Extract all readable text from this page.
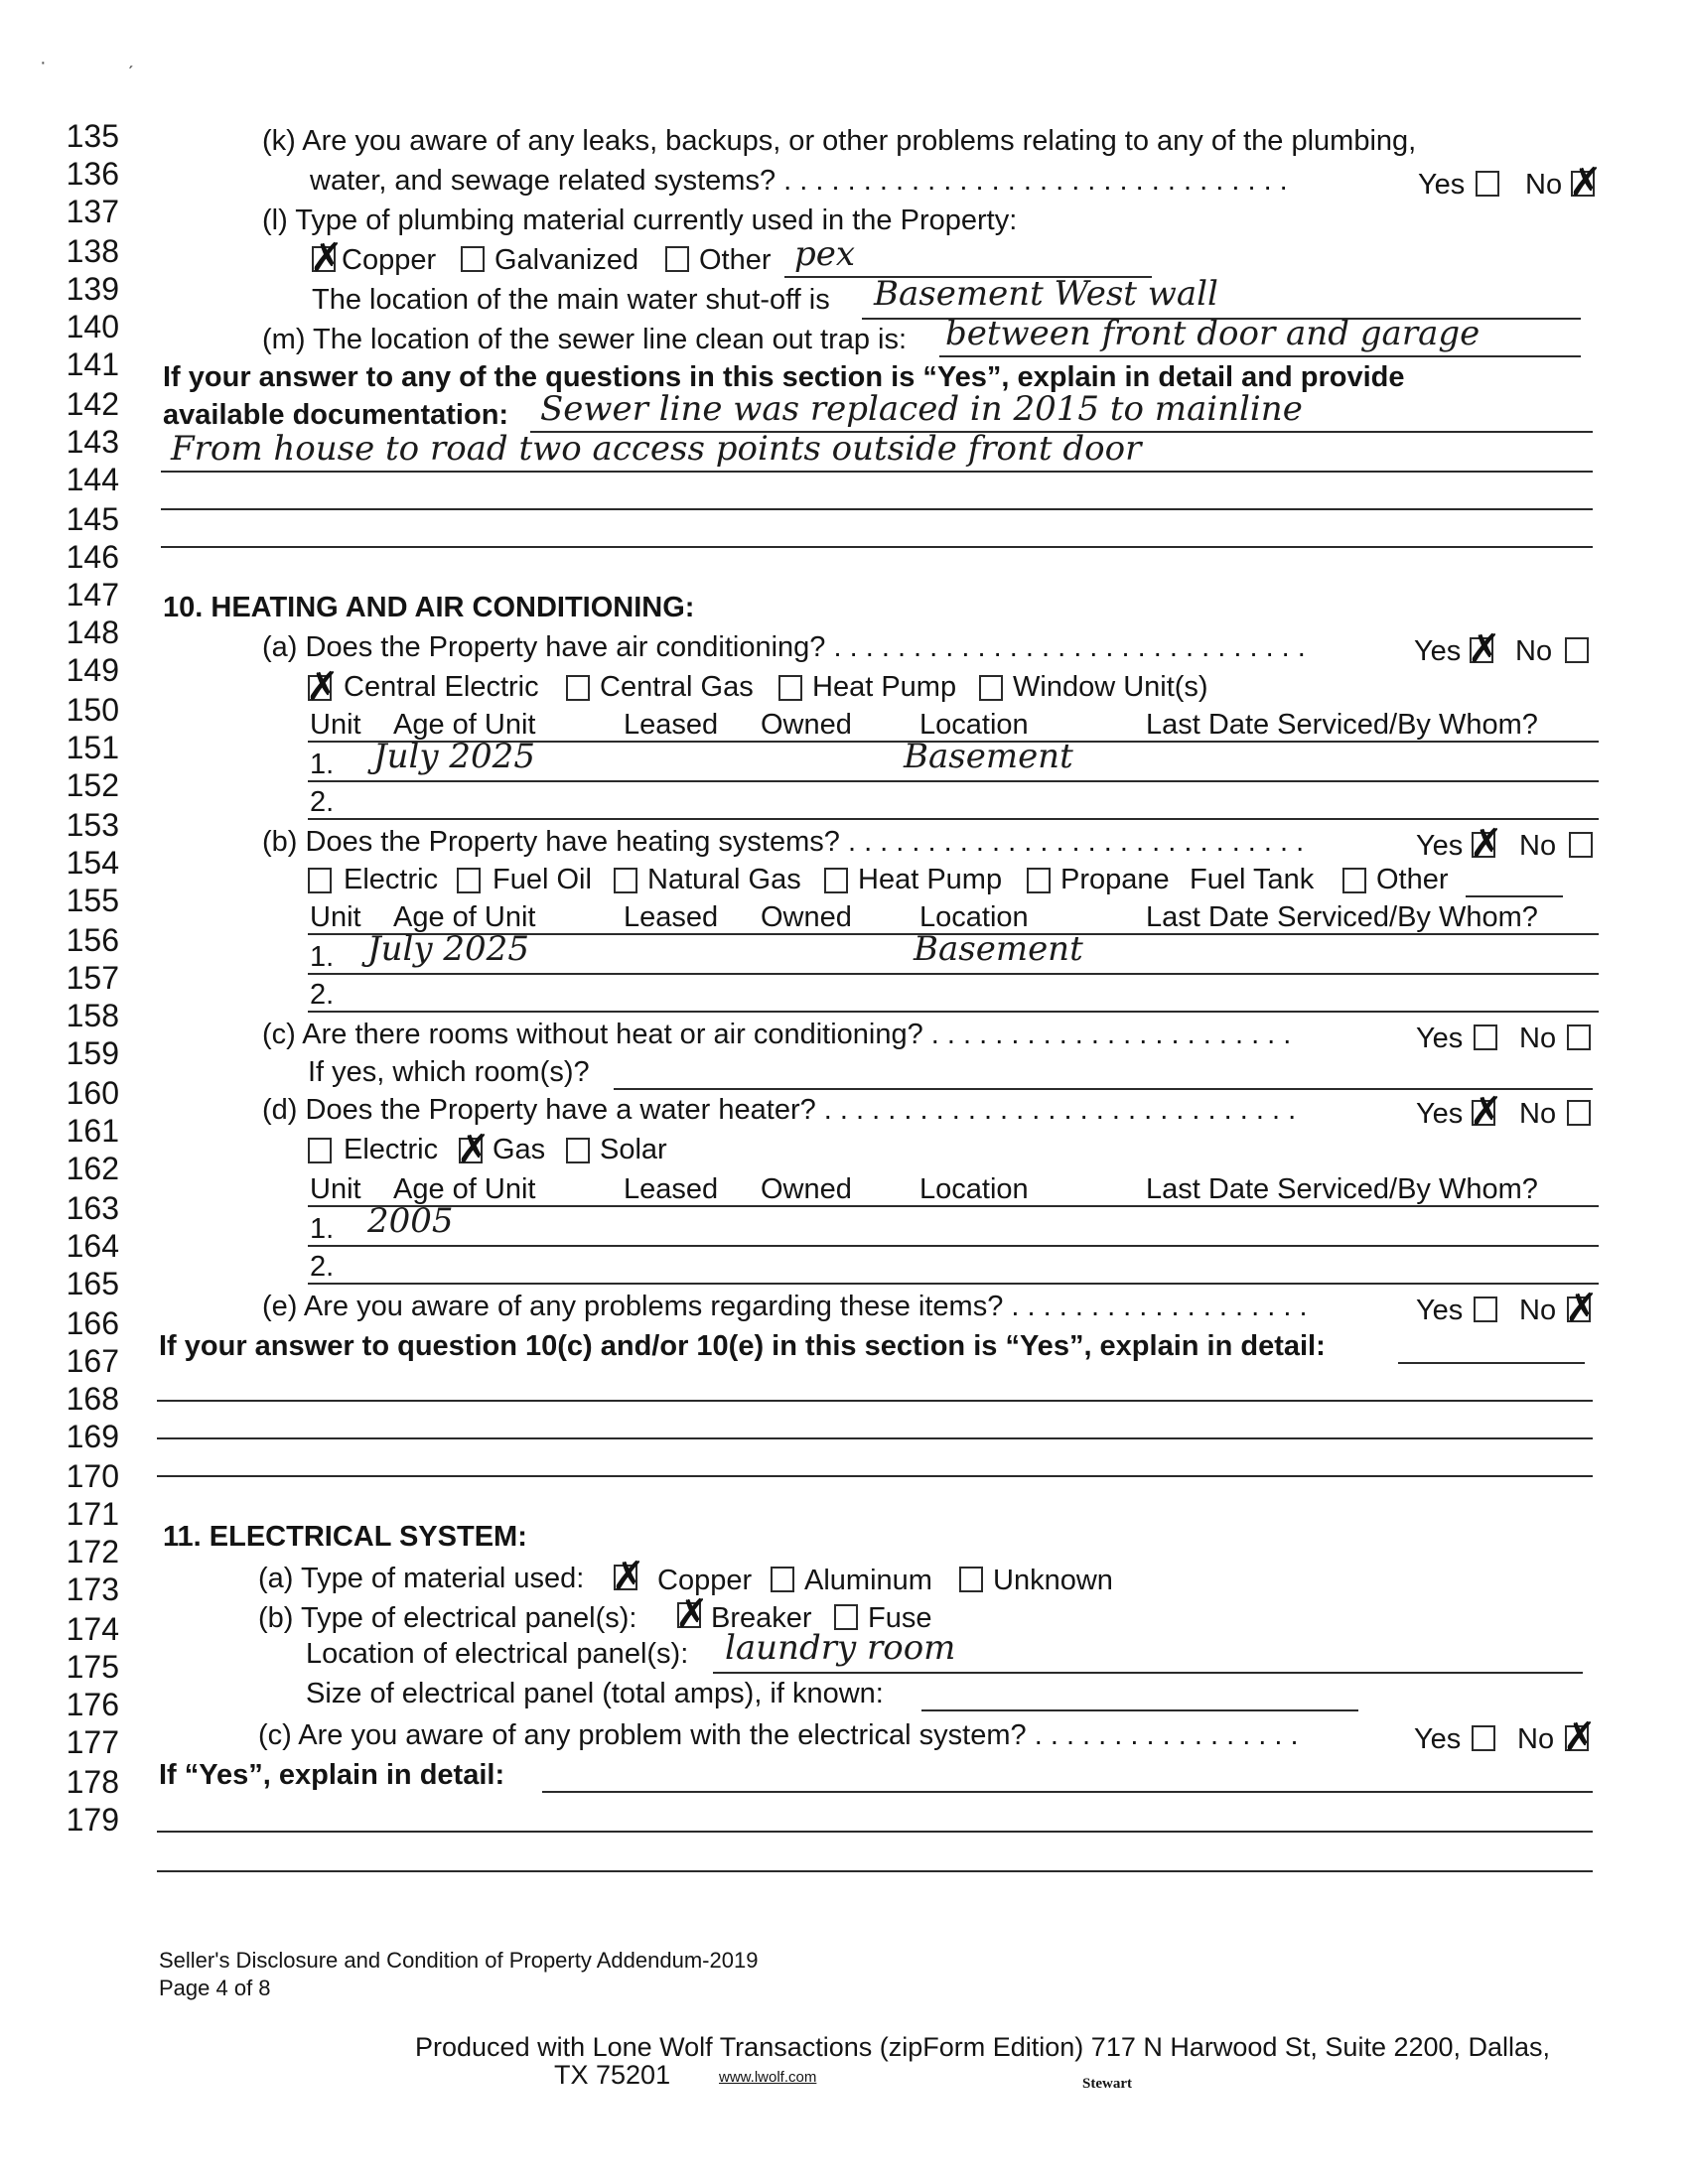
·	ˏ
135
136
137
138
139
140
141
142
143
144
145
146
147
148
149
150
151
152
153
154
155
156
157
158
159
160
161
162
163
164
165
166
167
168
169
170
171
172
173
174
175
176
177
178
179
(k) Are you aware of any leaks, backups, or other problems relating to any of the plumbing,
water, and sewage related systems? . . . . . . . . . . . . . . . . . . . . . . . . . . . . . . . .	Yes No ✗
(l) Type of plumbing material currently used in the Property:
✗
Copper Galvanized Other pex
The location of the main water shut-off is Basement West wall
(m) The location of the sewer line clean out trap is: between front door and garage
If your answer to any of the questions in this section is “Yes”, explain in detail and provide
available documentation: Sewer line was replaced in 2015 to mainline
From house to road two access points outside front door
10. HEATING AND AIR CONDITIONING:
(a) Does the Property have air conditioning? . . . . . . . . . . . . . . . . . . . . . . . . . . . . . .	Yes ✗ No
✗ Central Electric Central Gas Heat Pump Window Unit(s)
Unit Age of Unit	Leased Owned Location	Last Date Serviced/By Whom?
1. July 2025	Basement
2.
(b) Does the Property have heating systems? . . . . . . . . . . . . . . . . . . . . . . . . . . . . .	Yes ✗ No
Electric Fuel Oil Natural Gas Heat Pump Propane Fuel Tank Other
Unit Age of Unit	Leased Owned Location	Last Date Serviced/By Whom?
1. July 2025	Basement
2.
(c) Are there rooms without heat or air conditioning? . . . . . . . . . . . . . . . . . . . . . . .	Yes No
If yes, which room(s)?
(d) Does the Property have a water heater? . . . . . . . . . . . . . . . . . . . . . . . . . . . . . .	Yes ✗ No
Electric ✗ Gas Solar
Unit Age of Unit	Leased Owned Location	Last Date Serviced/By Whom?
1. 2005
2.
(e) Are you aware of any problems regarding these items? . . . . . . . . . . . . . . . . . . .	Yes No ✗
If your answer to question 10(c) and/or 10(e) in this section is “Yes”, explain in detail:
11. ELECTRICAL SYSTEM:
(a) Type of material used: ✗ Copper Aluminum Unknown
(b) Type of electrical panel(s): ✗ Breaker Fuse
Location of electrical panel(s): laundry room
Size of electrical panel (total amps), if known:
(c) Are you aware of any problem with the electrical system? . . . . . . . . . . . . . . . . .	Yes No ✗
If “Yes”, explain in detail:
Seller's Disclosure and Condition of Property Addendum-2019
Page 4 of 8
Produced with Lone Wolf Transactions (zipForm Edition) 717 N Harwood St, Suite 2200, Dallas,
TX 75201	www.lwolf.com	Stewart
